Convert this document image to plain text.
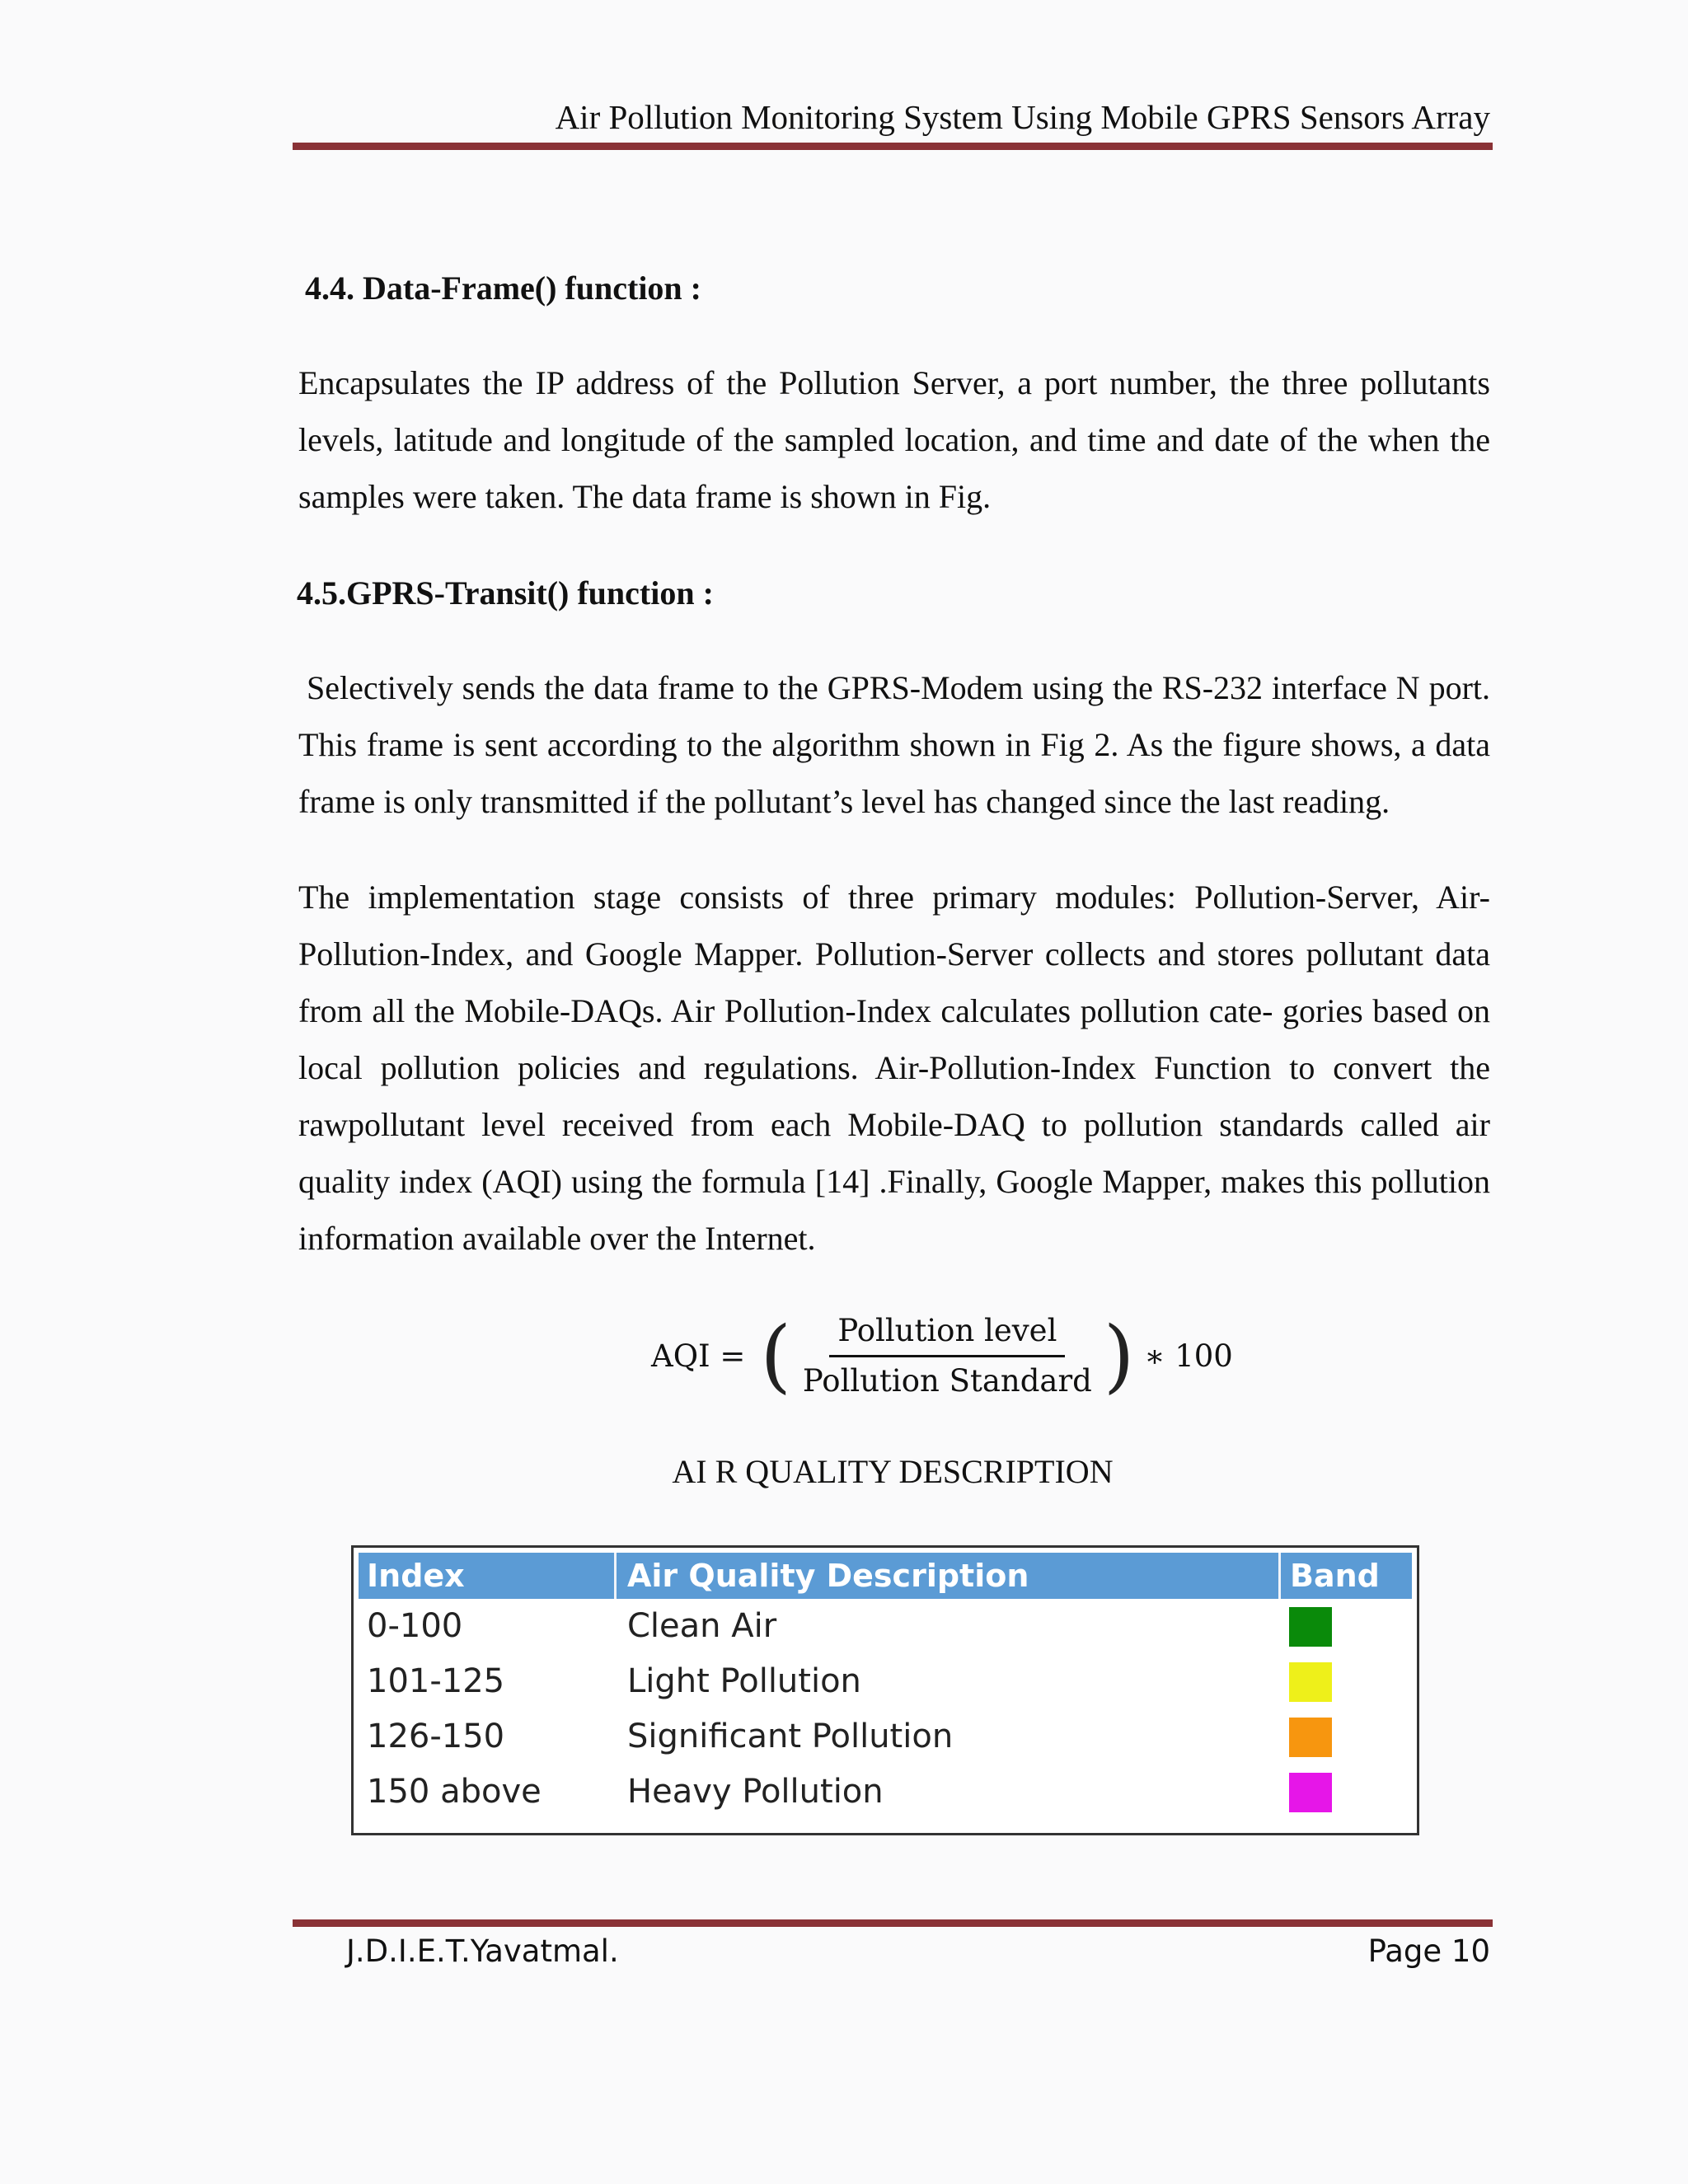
Air Pollution Monitoring System Using Mobile GPRS Sensors Array
4.4. Data-Frame() function :

Encapsulates the IP address of the Pollution Server, a port number, the three pollutants levels, latitude and longitude of the sampled location, and time and date of the when the samples were taken. The data frame is shown in Fig.

4.5.GPRS-Transit() function :

Selectively sends the data frame to the GPRS-Modem using the RS-232 interface N port. This frame is sent according to the algorithm shown in Fig 2. As the figure shows, a data frame is only transmitted if the pollutant’s level has changed since the last reading.

The implementation stage consists of three primary modules: Pollution-Server, Air-Pollution-Index, and Google Mapper. Pollution-Server collects and stores pollutant data from all the Mobile-DAQs. Air Pollution-Index calculates pollution cate- gories based on local pollution policies and regulations. Air-Pollution-Index Function to convert the rawpollutant level received from each Mobile-DAQ to pollution standards called air quality index (AQI) using the formula [14] .Finally, Google Mapper, makes this pollution information available over the Internet.

AQI = ( $\frac{\text{Pollution level}}{\text{Pollution Standard}}$ ) ∗ 100
AI R QUALITY DESCRIPTION
Index	Air Quality Description	Band
0-100	Clean Air
101-125	Light Pollution
126-150	Significant Pollution
150 above	Heavy Pollution
J.D.I.E.T.Yavatmal.	Page 10
